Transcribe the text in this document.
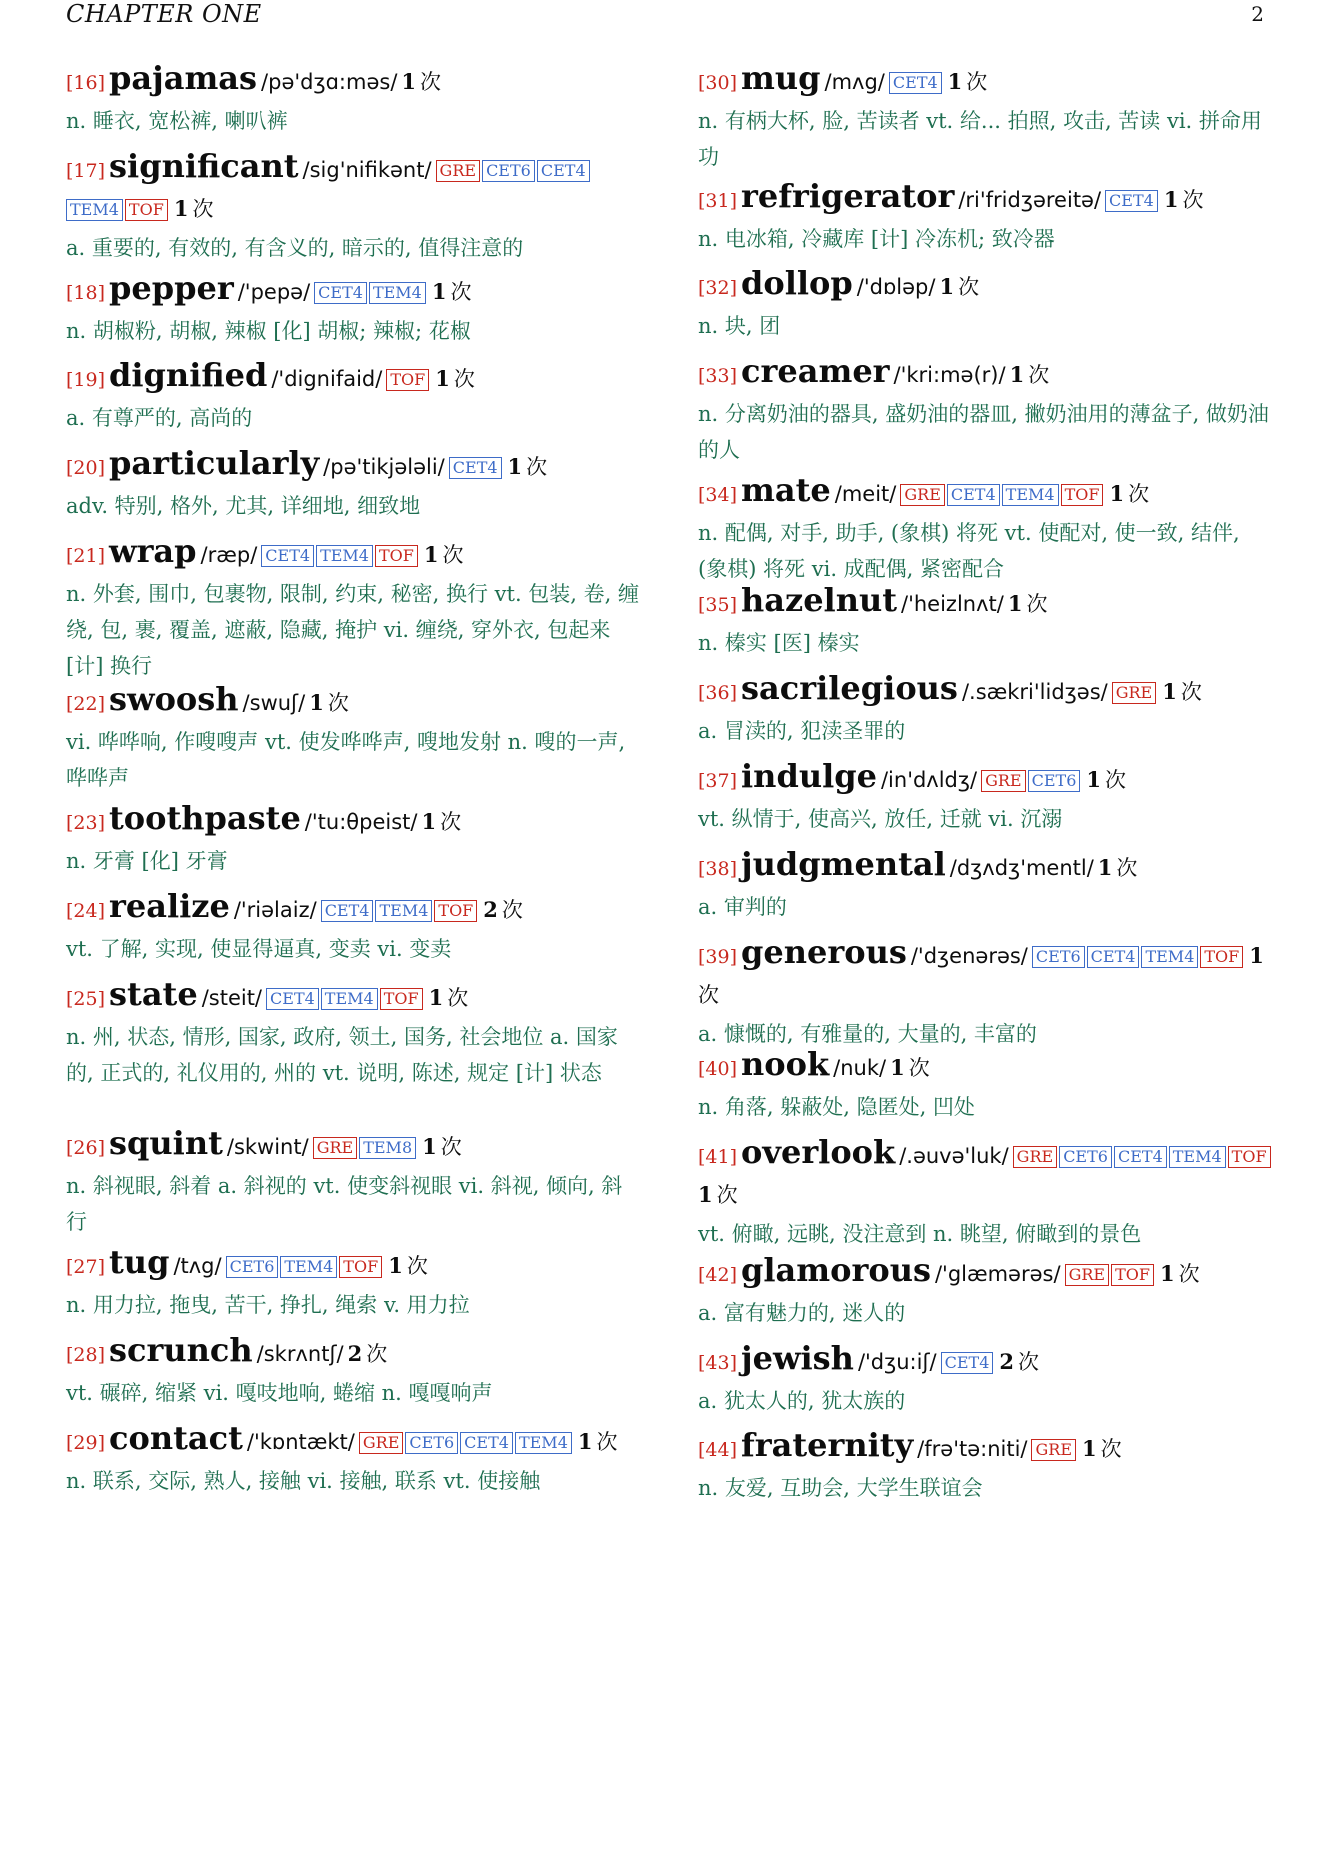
CHAPTER ONE	2
[16] pajamas /pə'dʒɑ:məs/ 1 次
n. 睡衣, 宽松裤, 喇叭裤
[17] significant /sig'nifikənt/ GRE CET6 CET4TEM4 TOF 1 次
a. 重要的, 有效的, 有含义的, 暗示的, 值得注意的
[18] pepper /'pepə/ CET4 TEM4 1 次
n. 胡椒粉, 胡椒, 辣椒 [化] 胡椒; 辣椒; 花椒
[19] dignified /'dignifaid/ TOF 1 次
a. 有尊严的, 高尚的
[20] particularly /pə'tikjələli/ CET4 1 次
adv. 特别, 格外, 尤其, 详细地, 细致地
[21] wrap /ræp/ CET4 TEM4 TOF 1 次
n. 外套, 围巾, 包裹物, 限制, 约束, 秘密, 换行 vt. 包装, 卷, 缠绕, 包, 裹, 覆盖, 遮蔽, 隐藏, 掩护 vi. 缠绕, 穿外衣, 包起来 [计] 换行
[22] swoosh /swuʃ/ 1 次
vi. 哗哗响, 作嗖嗖声 vt. 使发哗哗声, 嗖地发射 n. 嗖的一声, 哗哗声
[23] toothpaste /'tu:θpeist/ 1 次
n. 牙膏 [化] 牙膏
[24] realize /'riəlaiz/ CET4 TEM4 TOF 2 次
vt. 了解, 实现, 使显得逼真, 变卖 vi. 变卖
[25] state /steit/ CET4 TEM4 TOF 1 次
n. 州, 状态, 情形, 国家, 政府, 领土, 国务, 社会地位 a. 国家的, 正式的, 礼仪用的, 州的 vt. 说明, 陈述, 规定 [计] 状态
[26] squint /skwint/ GRE TEM8 1 次
n. 斜视眼, 斜着 a. 斜视的 vt. 使变斜视眼 vi. 斜视, 倾向, 斜行
[27] tug /tʌg/ CET6 TEM4 TOF 1 次
n. 用力拉, 拖曳, 苦干, 挣扎, 绳索 v. 用力拉
[28] scrunch /skrʌntʃ/ 2 次
vt. 碾碎, 缩紧 vi. 嘎吱地响, 蜷缩 n. 嘎嘎响声
[29] contact /'kɒntækt/ GRE CET6 CET4 TEM4 1 次
n. 联系, 交际, 熟人, 接触 vi. 接触, 联系 vt. 使接触
[30] mug /mʌg/ CET4 1 次
n. 有柄大杯, 脸, 苦读者 vt. 给... 拍照, 攻击, 苦读 vi. 拼命用功
[31] refrigerator /ri'fridʒəreitə/ CET4 1 次
n. 电冰箱, 冷藏库 [计] 冷冻机; 致冷器
[32] dollop /'dɒləp/ 1 次
n. 块, 团
[33] creamer /'kri:mə(r)/ 1 次
n. 分离奶油的器具, 盛奶油的器皿, 撇奶油用的薄盆子, 做奶油的人
[34] mate /meit/ GRE CET4 TEM4 TOF 1 次
n. 配偶, 对手, 助手, (象棋) 将死 vt. 使配对, 使一致, 结伴, (象棋) 将死 vi. 成配偶, 紧密配合
[35] hazelnut /'heizlnʌt/ 1 次
n. 榛实 [医] 榛实
[36] sacrilegious /.sækri'lidʒəs/ GRE 1 次
a. 冒渎的, 犯渎圣罪的
[37] indulge /in'dʌldʒ/ GRE CET6 1 次
vt. 纵情于, 使高兴, 放任, 迁就 vi. 沉溺
[38] judgmental /dʒʌdʒ'mentl/ 1 次
a. 审判的
[39] generous /'dʒenərəs/ CET6 CET4 TEM4 TOF 1 次
a. 慷慨的, 有雅量的, 大量的, 丰富的
[40] nook /nuk/ 1 次
n. 角落, 躲蔽处, 隐匿处, 凹处
[41] overlook /.əuvə'luk/ GRE CET6 CET4 TEM4 TOF 1 次
vt. 俯瞰, 远眺, 没注意到 n. 眺望, 俯瞰到的景色
[42] glamorous /'glæmərəs/ GRE TOF 1 次
a. 富有魅力的, 迷人的
[43] jewish /'dʒu:iʃ/ CET4 2 次
a. 犹太人的, 犹太族的
[44] fraternity /frə'tə:niti/ GRE 1 次
n. 友爱, 互助会, 大学生联谊会
